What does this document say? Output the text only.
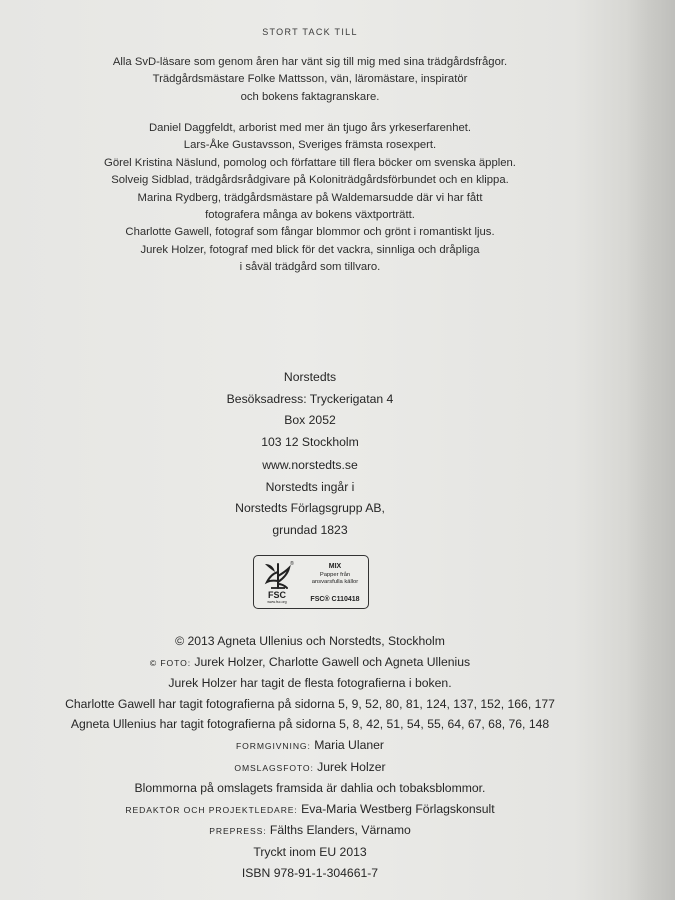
STORT TACK TILL
Alla SvD-läsare som genom åren har vänt sig till mig med sina trädgårdsfrågor.
Trädgårdsmästare Folke Mattsson, vän, läromästare, inspiratör
och bokens faktagranskare.
Daniel Daggfeldt, arborist med mer än tjugo års yrkeserfarenhet.
Lars-Åke Gustavsson, Sveriges främsta rosexpert.
Görel Kristina Näslund, pomolog och författare till flera böcker om svenska äpplen.
Solveig Sidblad, trädgårdsrådgivare på Koloniträdgårdsförbundet och en klippa.
Marina Rydberg, trädgårdsmästare på Waldemarsudde där vi har fått
fotografera många av bokens växtporträtt.
Charlotte Gawell, fotograf som fångar blommor och grönt i romantiskt ljus.
Jurek Holzer, fotograf med blick för det vackra, sinnliga och dråpliga
i såväl trädgård som tillvaro.
Norstedts
Besöksadress: Tryckerigatan 4
Box 2052
103 12 Stockholm
www.norstedts.se
Norstedts ingår i
Norstedts Förlagsgrupp AB,
grundad 1823
© 2013 Agneta Ullenius och Norstedts, Stockholm
© FOTO: Jurek Holzer, Charlotte Gawell och Agneta Ullenius
Jurek Holzer har tagit de flesta fotografierna i boken.
Charlotte Gawell har tagit fotografierna på sidorna 5, 9, 52, 80, 81, 124, 137, 152, 166, 177
Agneta Ullenius har tagit fotografierna på sidorna 5, 8, 42, 51, 54, 55, 64, 67, 68, 76, 148
FORMGIVNING: Maria Ulaner
OMSLAGSFOTO: Jurek Holzer
Blommorna på omslagets framsida är dahlia och tobaksblommor.
REDAKTÖR OCH PROJEKTLEDARE: Eva-Maria Westberg Förlagskonsult
PREPRESS: Fälths Elanders, Värnamo
Tryckt inom EU 2013
ISBN 978-91-1-304661-7
FSC
www.fsc.org
®	MIX
Papper från
ansvarsfulla källor
FSC® C110418
